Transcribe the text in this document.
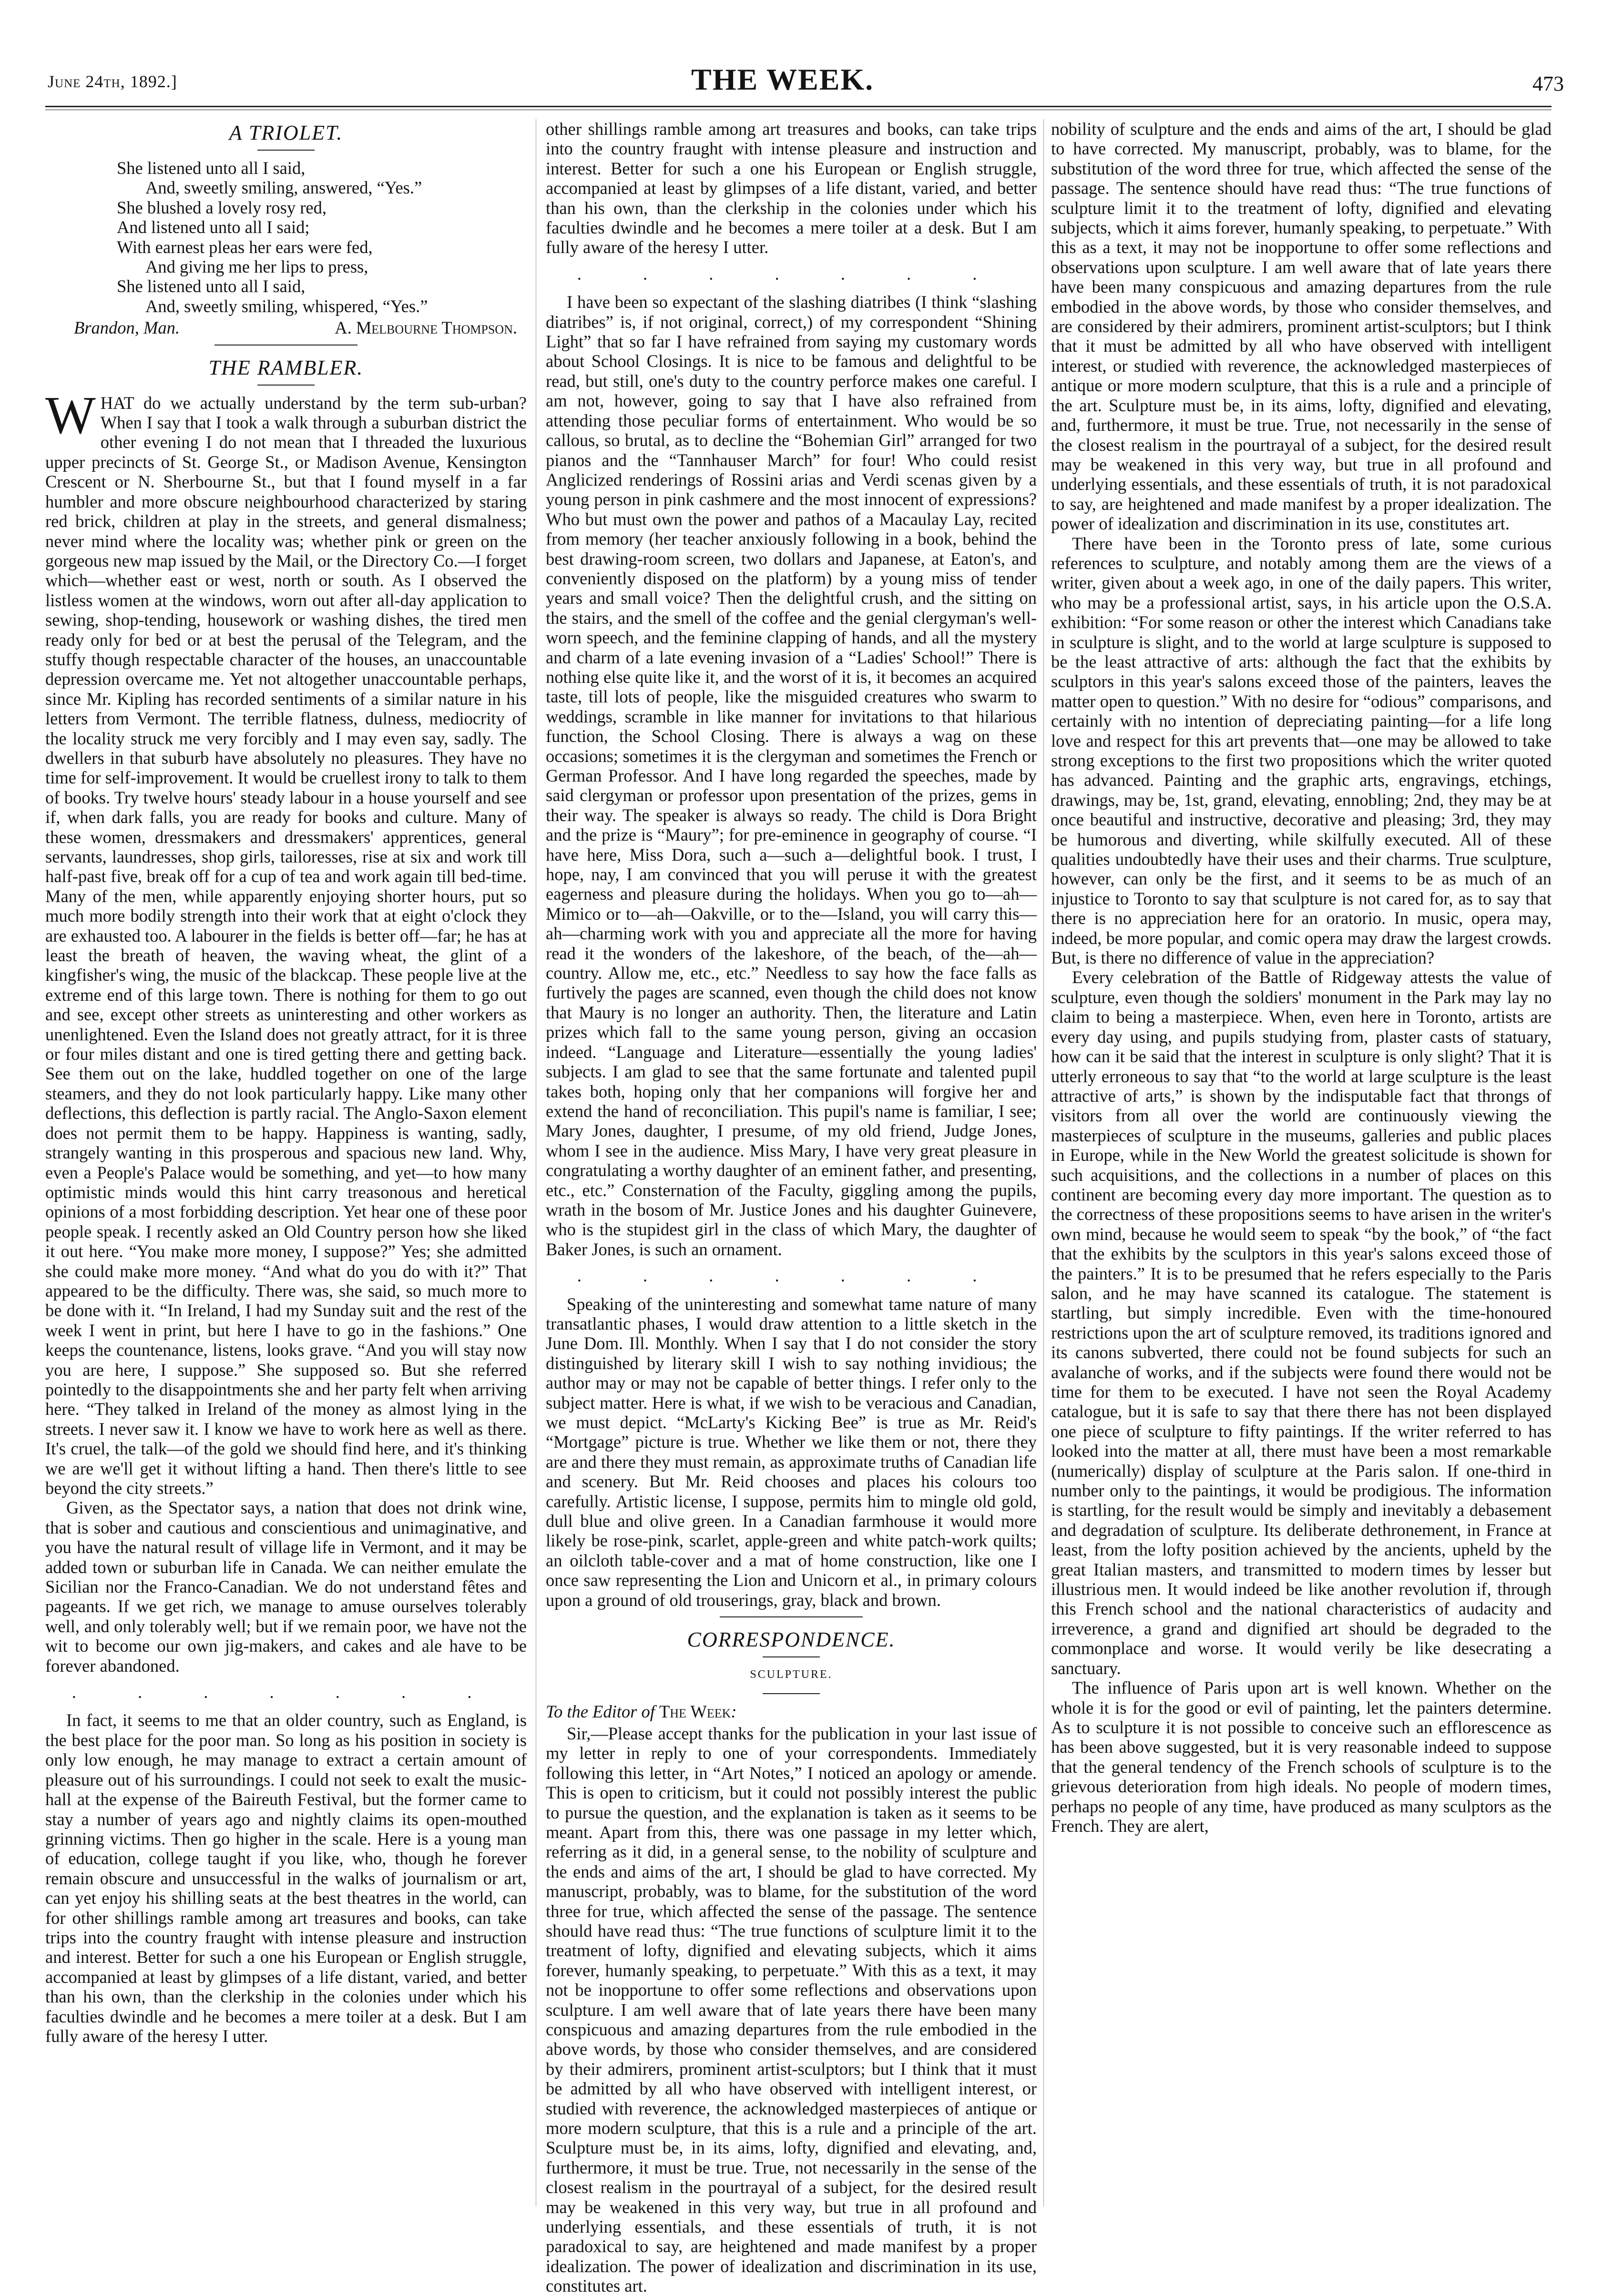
June 24th, 1892.]	THE WEEK.	473
A TRIOLET.
She listened unto all I said,
And, sweetly smiling, answered, “Yes.”
She blushed a lovely rosy red,
And listened unto all I said;
With earnest pleas her ears were fed,
And giving me her lips to press,
She listened unto all I said,
And, sweetly smiling, whispered, “Yes.”
Brandon, Man.	A. Melbourne Thompson.
THE RAMBLER.

WHAT do we actually understand by the term sub-urban? When I say that I took a walk through a suburban district the other evening I do not mean that I threaded the luxurious upper precincts of St. George St., or Madison Avenue, Kensington Crescent or N. Sherbourne St., but that I found myself in a far humbler and more obscure neighbourhood characterized by staring red brick, children at play in the streets, and general dismalness; never mind where the locality was; whether pink or green on the gorgeous new map issued by the Mail, or the Directory Co.—I forget which—whether east or west, north or south. As I observed the listless women at the windows, worn out after all-day application to sewing, shop-tending, housework or washing dishes, the tired men ready only for bed or at best the perusal of the Telegram, and the stuffy though respectable character of the houses, an unaccountable depression overcame me. Yet not altogether unaccountable perhaps, since Mr. Kipling has recorded sentiments of a similar nature in his letters from Vermont. The terrible flatness, dulness, mediocrity of the locality struck me very forcibly and I may even say, sadly. The dwellers in that suburb have absolutely no pleasures. They have no time for self-improvement. It would be cruellest irony to talk to them of books. Try twelve hours' steady labour in a house yourself and see if, when dark falls, you are ready for books and culture. Many of these women, dressmakers and dressmakers' apprentices, general servants, laundresses, shop girls, tailoresses, rise at six and work till half-past five, break off for a cup of tea and work again till bed-time. Many of the men, while apparently enjoying shorter hours, put so much more bodily strength into their work that at eight o'clock they are exhausted too. A labourer in the fields is better off—far; he has at least the breath of heaven, the waving wheat, the glint of a kingfisher's wing, the music of the blackcap. These people live at the extreme end of this large town. There is nothing for them to go out and see, except other streets as uninteresting and other workers as unenlightened. Even the Island does not greatly attract, for it is three or four miles distant and one is tired getting there and getting back. See them out on the lake, huddled together on one of the large steamers, and they do not look particularly happy. Like many other deflections, this deflection is partly racial. The Anglo-Saxon element does not permit them to be happy. Happiness is wanting, sadly, strangely wanting in this prosperous and spacious new land. Why, even a People's Palace would be something, and yet—to how many optimistic minds would this hint carry treasonous and heretical opinions of a most forbidding description. Yet hear one of these poor people speak. I recently asked an Old Country person how she liked it out here. “You make more money, I suppose?” Yes; she admitted she could make more money. “And what do you do with it?” That appeared to be the difficulty. There was, she said, so much more to be done with it. “In Ireland, I had my Sunday suit and the rest of the week I went in print, but here I have to go in the fashions.” One keeps the countenance, listens, looks grave. “And you will stay now you are here, I suppose.” She supposed so. But she referred pointedly to the disappointments she and her party felt when arriving here. “They talked in Ireland of the money as almost lying in the streets. I never saw it. I know we have to work here as well as there. It's cruel, the talk—of the gold we should find here, and it's thinking we are we'll get it without lifting a hand. Then there's little to see beyond the city streets.”

Given, as the Spectator says, a nation that does not drink wine, that is sober and cautious and conscientious and unimaginative, and you have the natural result of village life in Vermont, and it may be added town or suburban life in Canada. We can neither emulate the Sicilian nor the Franco-Canadian. We do not understand fêtes and pageants. If we get rich, we manage to amuse ourselves tolerably well, and only tolerably well; but if we remain poor, we have not the wit to become our own jig-makers, and cakes and ale have to be forever abandoned.

. . . . . . .

In fact, it seems to me that an older country, such as England, is the best place for the poor man. So long as his position in society is only low enough, he may manage to extract a certain amount of pleasure out of his surroundings. I could not seek to exalt the music-hall at the expense of the Baireuth Festival, but the former came to stay a number of years ago and nightly claims its open-mouthed grinning victims. Then go higher in the scale. Here is a young man of education, college taught if you like, who, though he forever remain obscure and unsuccessful in the walks of journalism or art, can yet enjoy his shilling seats at the best theatres in the world, can for other shillings ramble among art treasures and books, can take trips into the country fraught with intense pleasure and instruction and interest. Better for such a one his European or English struggle, accompanied at least by glimpses of a life distant, varied, and better than his own, than the clerkship in the colonies under which his faculties dwindle and he becomes a mere toiler at a desk. But I am fully aware of the heresy I utter.

other shillings ramble among art treasures and books, can take trips into the country fraught with intense pleasure and instruction and interest. Better for such a one his European or English struggle, accompanied at least by glimpses of a life distant, varied, and better than his own, than the clerkship in the colonies under which his faculties dwindle and he becomes a mere toiler at a desk. But I am fully aware of the heresy I utter.

. . . . . . .

I have been so expectant of the slashing diatribes (I think “slashing diatribes” is, if not original, correct,) of my correspondent “Shining Light” that so far I have refrained from saying my customary words about School Closings. It is nice to be famous and delightful to be read, but still, one's duty to the country perforce makes one careful. I am not, however, going to say that I have also refrained from attending those peculiar forms of entertainment. Who would be so callous, so brutal, as to decline the “Bohemian Girl” arranged for two pianos and the “Tannhauser March” for four! Who could resist Anglicized renderings of Rossini arias and Verdi scenas given by a young person in pink cashmere and the most innocent of expressions? Who but must own the power and pathos of a Macaulay Lay, recited from memory (her teacher anxiously following in a book, behind the best drawing-room screen, two dollars and Japanese, at Eaton's, and conveniently disposed on the platform) by a young miss of tender years and small voice? Then the delightful crush, and the sitting on the stairs, and the smell of the coffee and the genial clergyman's well-worn speech, and the feminine clapping of hands, and all the mystery and charm of a late evening invasion of a “Ladies' School!” There is nothing else quite like it, and the worst of it is, it becomes an acquired taste, till lots of people, like the misguided creatures who swarm to weddings, scramble in like manner for invitations to that hilarious function, the School Closing. There is always a wag on these occasions; sometimes it is the clergyman and sometimes the French or German Professor. And I have long regarded the speeches, made by said clergyman or professor upon presentation of the prizes, gems in their way. The speaker is always so ready. The child is Dora Bright and the prize is “Maury”; for pre-eminence in geography of course. “I have here, Miss Dora, such a—such a—delightful book. I trust, I hope, nay, I am convinced that you will peruse it with the greatest eagerness and pleasure during the holidays. When you go to—ah—Mimico or to—ah—Oakville, or to the—Island, you will carry this—ah—charming work with you and appreciate all the more for having read it the wonders of the lakeshore, of the beach, of the—ah—country. Allow me, etc., etc.” Needless to say how the face falls as furtively the pages are scanned, even though the child does not know that Maury is no longer an authority. Then, the literature and Latin prizes which fall to the same young person, giving an occasion indeed. “Language and Literature—essentially the young ladies' subjects. I am glad to see that the same fortunate and talented pupil takes both, hoping only that her companions will forgive her and extend the hand of reconciliation. This pupil's name is familiar, I see; Mary Jones, daughter, I presume, of my old friend, Judge Jones, whom I see in the audience. Miss Mary, I have very great pleasure in congratulating a worthy daughter of an eminent father, and presenting, etc., etc.” Consternation of the Faculty, giggling among the pupils, wrath in the bosom of Mr. Justice Jones and his daughter Guinevere, who is the stupidest girl in the class of which Mary, the daughter of Baker Jones, is such an ornament.

. . . . . . .

Speaking of the uninteresting and somewhat tame nature of many transatlantic phases, I would draw attention to a little sketch in the June Dom. Ill. Monthly. When I say that I do not consider the story distinguished by literary skill I wish to say nothing invidious; the author may or may not be capable of better things. I refer only to the subject matter. Here is what, if we wish to be veracious and Canadian, we must depict. “McLarty's Kicking Bee” is true as Mr. Reid's “Mortgage” picture is true. Whether we like them or not, there they are and there they must remain, as approximate truths of Canadian life and scenery. But Mr. Reid chooses and places his colours too carefully. Artistic license, I suppose, permits him to mingle old gold, dull blue and olive green. In a Canadian farmhouse it would more likely be rose-pink, scarlet, apple-green and white patch-work quilts; an oilcloth table-cover and a mat of home construction, like one I once saw representing the Lion and Unicorn et al., in primary colours upon a ground of old trouserings, gray, black and brown.

CORRESPONDENCE.
SCULPTURE.

To the Editor of The Week:

Sir,—Please accept thanks for the publication in your last issue of my letter in reply to one of your correspondents. Immediately following this letter, in “Art Notes,” I noticed an apology or amende. This is open to criticism, but it could not possibly interest the public to pursue the question, and the explanation is taken as it seems to be meant. Apart from this, there was one passage in my letter which, referring as it did, in a general sense, to the nobility of sculpture and the ends and aims of the art, I should be glad to have corrected. My manuscript, probably, was to blame, for the substitution of the word three for true, which affected the sense of the passage. The sentence should have read thus: “The true functions of sculpture limit it to the treatment of lofty, dignified and elevating subjects, which it aims forever, humanly speaking, to perpetuate.” With this as a text, it may not be inopportune to offer some reflections and observations upon sculpture. I am well aware that of late years there have been many conspicuous and amazing departures from the rule embodied in the above words, by those who consider themselves, and are considered by their admirers, prominent artist-sculptors; but I think that it must be admitted by all who have observed with intelligent interest, or studied with reverence, the acknowledged masterpieces of antique or more modern sculpture, that this is a rule and a principle of the art. Sculpture must be, in its aims, lofty, dignified and elevating, and, furthermore, it must be true. True, not necessarily in the sense of the closest realism in the pourtrayal of a subject, for the desired result may be weakened in this very way, but true in all profound and underlying essentials, and these essentials of truth, it is not paradoxical to say, are heightened and made manifest by a proper idealization. The power of idealization and discrimination in its use, constitutes art.

nobility of sculpture and the ends and aims of the art, I should be glad to have corrected. My manuscript, probably, was to blame, for the substitution of the word three for true, which affected the sense of the passage. The sentence should have read thus: “The true functions of sculpture limit it to the treatment of lofty, dignified and elevating subjects, which it aims forever, humanly speaking, to perpetuate.” With this as a text, it may not be inopportune to offer some reflections and observations upon sculpture. I am well aware that of late years there have been many conspicuous and amazing departures from the rule embodied in the above words, by those who consider themselves, and are considered by their admirers, prominent artist-sculptors; but I think that it must be admitted by all who have observed with intelligent interest, or studied with reverence, the acknowledged masterpieces of antique or more modern sculpture, that this is a rule and a principle of the art. Sculpture must be, in its aims, lofty, dignified and elevating, and, furthermore, it must be true. True, not necessarily in the sense of the closest realism in the pourtrayal of a subject, for the desired result may be weakened in this very way, but true in all profound and underlying essentials, and these essentials of truth, it is not paradoxical to say, are heightened and made manifest by a proper idealization. The power of idealization and discrimination in its use, constitutes art.

There have been in the Toronto press of late, some curious references to sculpture, and notably among them are the views of a writer, given about a week ago, in one of the daily papers. This writer, who may be a professional artist, says, in his article upon the O.S.A. exhibition: “For some reason or other the interest which Canadians take in sculpture is slight, and to the world at large sculpture is supposed to be the least attractive of arts: although the fact that the exhibits by sculptors in this year's salons exceed those of the painters, leaves the matter open to question.” With no desire for “odious” comparisons, and certainly with no intention of depreciating painting—for a life long love and respect for this art prevents that—one may be allowed to take strong exceptions to the first two propositions which the writer quoted has advanced. Painting and the graphic arts, engravings, etchings, drawings, may be, 1st, grand, elevating, ennobling; 2nd, they may be at once beautiful and instructive, decorative and pleasing; 3rd, they may be humorous and diverting, while skilfully executed. All of these qualities undoubtedly have their uses and their charms. True sculpture, however, can only be the first, and it seems to be as much of an injustice to Toronto to say that sculpture is not cared for, as to say that there is no appreciation here for an oratorio. In music, opera may, indeed, be more popular, and comic opera may draw the largest crowds. But, is there no difference of value in the appreciation?

Every celebration of the Battle of Ridgeway attests the value of sculpture, even though the soldiers' monument in the Park may lay no claim to being a masterpiece. When, even here in Toronto, artists are every day using, and pupils studying from, plaster casts of statuary, how can it be said that the interest in sculpture is only slight? That it is utterly erroneous to say that “to the world at large sculpture is the least attractive of arts,” is shown by the indisputable fact that throngs of visitors from all over the world are continuously viewing the masterpieces of sculpture in the museums, galleries and public places in Europe, while in the New World the greatest solicitude is shown for such acquisitions, and the collections in a number of places on this continent are becoming every day more important. The question as to the correctness of these propositions seems to have arisen in the writer's own mind, because he would seem to speak “by the book,” of “the fact that the exhibits by the sculptors in this year's salons exceed those of the painters.” It is to be presumed that he refers especially to the Paris salon, and he may have scanned its catalogue. The statement is startling, but simply incredible. Even with the time-honoured restrictions upon the art of sculpture removed, its traditions ignored and its canons subverted, there could not be found subjects for such an avalanche of works, and if the subjects were found there would not be time for them to be executed. I have not seen the Royal Academy catalogue, but it is safe to say that there there has not been displayed one piece of sculpture to fifty paintings. If the writer referred to has looked into the matter at all, there must have been a most remarkable (numerically) display of sculpture at the Paris salon. If one-third in number only to the paintings, it would be prodigious. The information is startling, for the result would be simply and inevitably a debasement and degradation of sculpture. Its deliberate dethronement, in France at least, from the lofty position achieved by the ancients, upheld by the great Italian masters, and transmitted to modern times by lesser but illustrious men. It would indeed be like another revolution if, through this French school and the national characteristics of audacity and irreverence, a grand and dignified art should be degraded to the commonplace and worse. It would verily be like desecrating a sanctuary.

The influence of Paris upon art is well known. Whether on the whole it is for the good or evil of painting, let the painters determine. As to sculpture it is not possible to conceive such an efflorescence as has been above suggested, but it is very reasonable indeed to suppose that the general tendency of the French schools of sculpture is to the grievous deterioration from high ideals. No people of modern times, perhaps no people of any time, have produced as many sculptors as the French. They are alert,
